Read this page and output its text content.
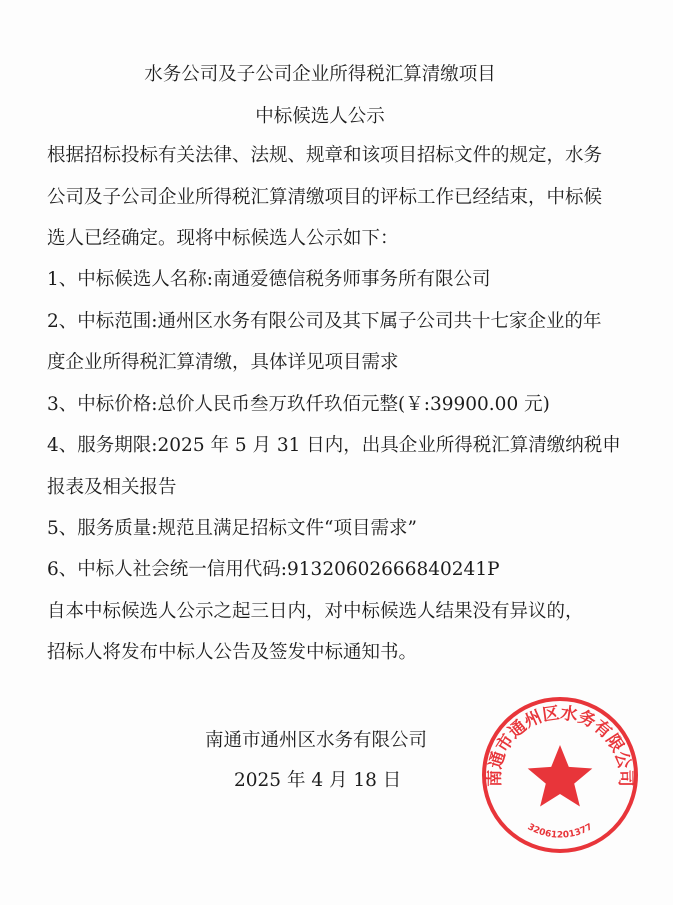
水务公司及子公司企业所得税汇算清缴项目
中标候选人公示
根据招标投标有关法律、法规、规章和该项目招标文件的规定，水务
公司及子公司企业所得税汇算清缴项目的评标工作已经结束，中标候
选人已经确定。现将中标候选人公示如下：
1、中标候选人名称:南通爱德信税务师事务所有限公司
2、中标范围:通州区水务有限公司及其下属子公司共十七家企业的年
度企业所得税汇算清缴，具体详见项目需求
3、中标价格:总价人民币叁万玖仟玖佰元整(￥:39900.00 元)
4、服务期限:2025 年 5 月 31 日内，出具企业所得税汇算清缴纳税申
报表及相关报告
5、服务质量:规范且满足招标文件“项目需求”
6、中标人社会统一信用代码:91320602666840241P
自本中标候选人公示之起三日内，对中标候选人结果没有异议的，
招标人将发布中标人公告及签发中标通知书。
南通市通州区水务有限公司
2025 年 4 月 18 日	南通市通州区水务有限公司
32061201377
